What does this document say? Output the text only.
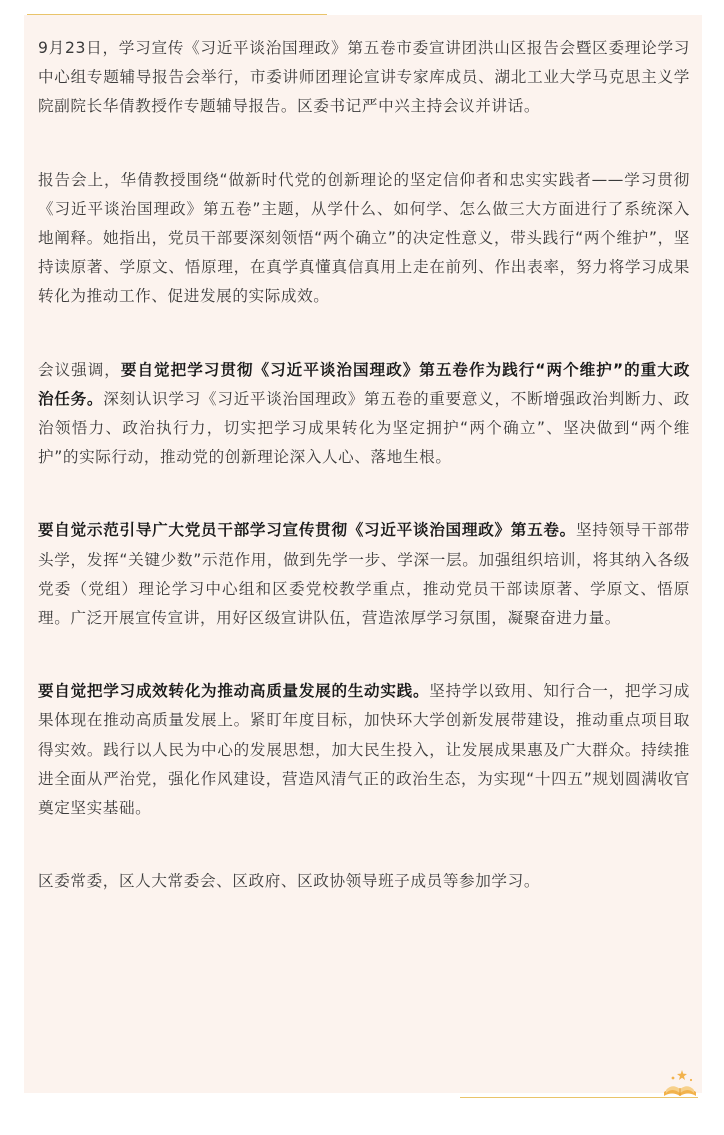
9月23日，学习宣传《习近平谈治国理政》第五卷市委宣讲团洪山区报告会暨区委理论学习中心组专题辅导报告会举行，市委讲师团理论宣讲专家库成员、湖北工业大学马克思主义学院副院长华倩教授作专题辅导报告。区委书记严中兴主持会议并讲话。

报告会上，华倩教授围绕“做新时代党的创新理论的坚定信仰者和忠实实践者——学习贯彻《习近平谈治国理政》第五卷”主题，从学什么、如何学、怎么做三大方面进行了系统深入地阐释。她指出，党员干部要深刻领悟“两个确立”的决定性意义，带头践行“两个维护”，坚持读原著、学原文、悟原理，在真学真懂真信真用上走在前列、作出表率，努力将学习成果转化为推动工作、促进发展的实际成效。

会议强调，要自觉把学习贯彻《习近平谈治国理政》第五卷作为践行“两个维护”的重大政治任务。深刻认识学习《习近平谈治国理政》第五卷的重要意义，不断增强政治判断力、政治领悟力、政治执行力，切实把学习成果转化为坚定拥护“两个确立”、坚决做到“两个维护”的实际行动，推动党的创新理论深入人心、落地生根。

要自觉示范引导广大党员干部学习宣传贯彻《习近平谈治国理政》第五卷。坚持领导干部带头学，发挥“关键少数”示范作用，做到先学一步、学深一层。加强组织培训，将其纳入各级党委（党组）理论学习中心组和区委党校教学重点，推动党员干部读原著、学原文、悟原理。广泛开展宣传宣讲，用好区级宣讲队伍，营造浓厚学习氛围，凝聚奋进力量。

要自觉把学习成效转化为推动高质量发展的生动实践。坚持学以致用、知行合一，把学习成果体现在推动高质量发展上。紧盯年度目标，加快环大学创新发展带建设，推动重点项目取得实效。践行以人民为中心的发展思想，加大民生投入，让发展成果惠及广大群众。持续推进全面从严治党，强化作风建设，营造风清气正的政治生态，为实现“十四五”规划圆满收官奠定坚实基础。

区委常委，区人大常委会、区政府、区政协领导班子成员等参加学习。
